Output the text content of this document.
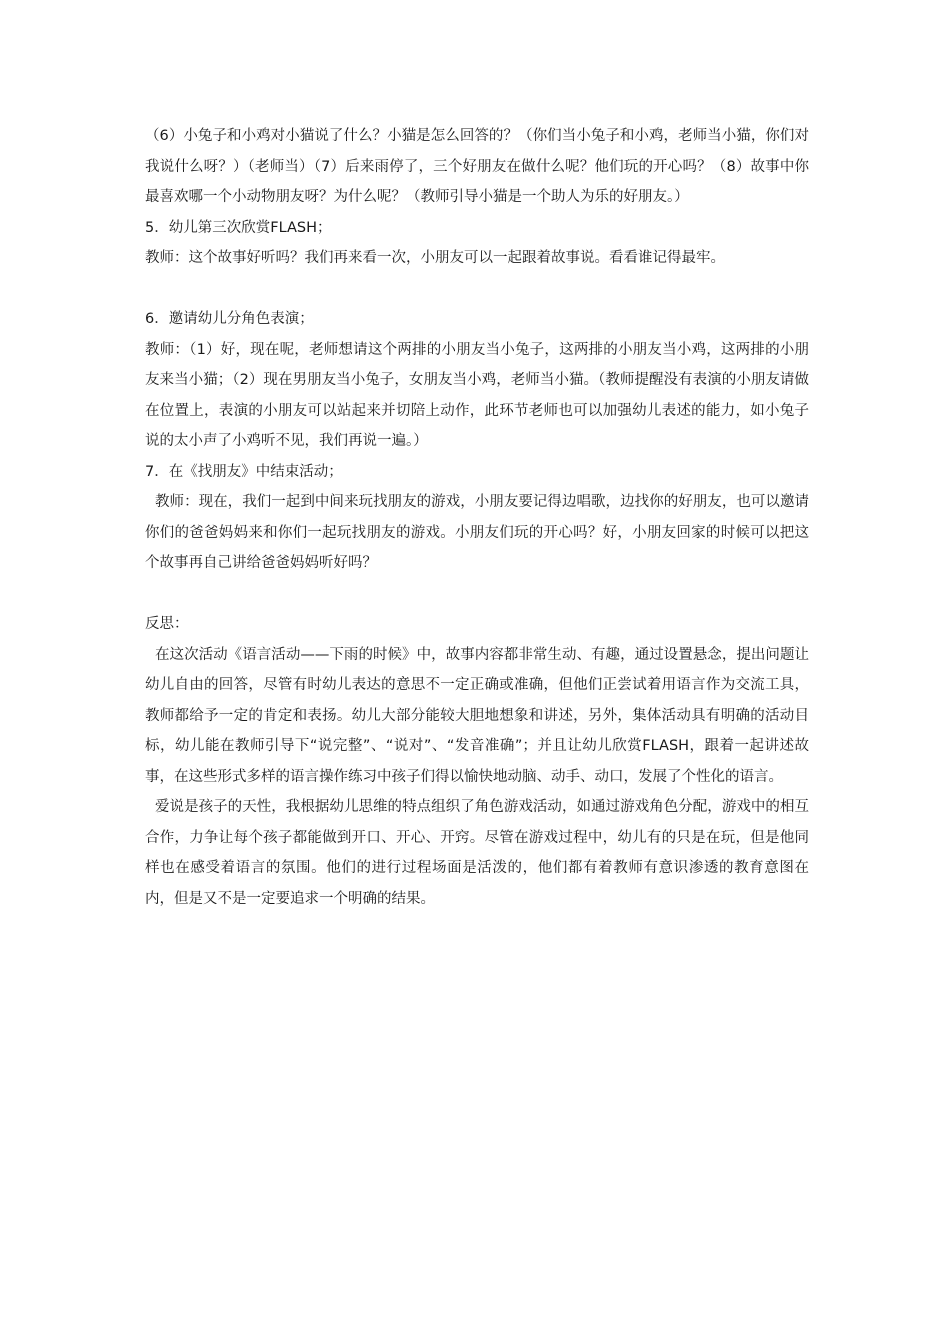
（6）小兔子和小鸡对小猫说了什么？小猫是怎么回答的？（你们当小兔子和小鸡，老师当小猫，你们对我说什么呀？）（老师当）（7）后来雨停了，三个好朋友在做什么呢？他们玩的开心吗？（8）故事中你最喜欢哪一个小动物朋友呀？为什么呢？（教师引导小猫是一个助人为乐的好朋友。）

5．幼儿第三次欣赏FLASH；

教师：这个故事好听吗？我们再来看一次，小朋友可以一起跟着故事说。看看谁记得最牢。

6．邀请幼儿分角色表演；

教师：（1）好，现在呢，老师想请这个两排的小朋友当小兔子，这两排的小朋友当小鸡，这两排的小朋友来当小猫；（2）现在男朋友当小兔子，女朋友当小鸡，老师当小猫。（教师提醒没有表演的小朋友请做在位置上，表演的小朋友可以站起来并切陪上动作，此环节老师也可以加强幼儿表述的能力，如小兔子说的太小声了小鸡听不见，我们再说一遍。）

7．在《找朋友》中结束活动；

教师：现在，我们一起到中间来玩找朋友的游戏，小朋友要记得边唱歌，边找你的好朋友，也可以邀请你们的爸爸妈妈来和你们一起玩找朋友的游戏。小朋友们玩的开心吗？好，小朋友回家的时候可以把这个故事再自己讲给爸爸妈妈听好吗？

反思：

在这次活动《语言活动——下雨的时候》中，故事内容都非常生动、有趣，通过设置悬念，提出问题让幼儿自由的回答，尽管有时幼儿表达的意思不一定正确或准确，但他们正尝试着用语言作为交流工具，教师都给予一定的肯定和表扬。幼儿大部分能较大胆地想象和讲述，另外，集体活动具有明确的活动目标，幼儿能在教师引导下“说完整”、“说对”、“发音准确”；并且让幼儿欣赏FLASH，跟着一起讲述故事，在这些形式多样的语言操作练习中孩子们得以愉快地动脑、动手、动口，发展了个性化的语言。

爱说是孩子的天性，我根据幼儿思维的特点组织了角色游戏活动，如通过游戏角色分配，游戏中的相互合作，力争让每个孩子都能做到开口、开心、开窍。尽管在游戏过程中，幼儿有的只是在玩，但是他同样也在感受着语言的氛围。他们的进行过程场面是活泼的，他们都有着教师有意识渗透的教育意图在内，但是又不是一定要追求一个明确的结果。
